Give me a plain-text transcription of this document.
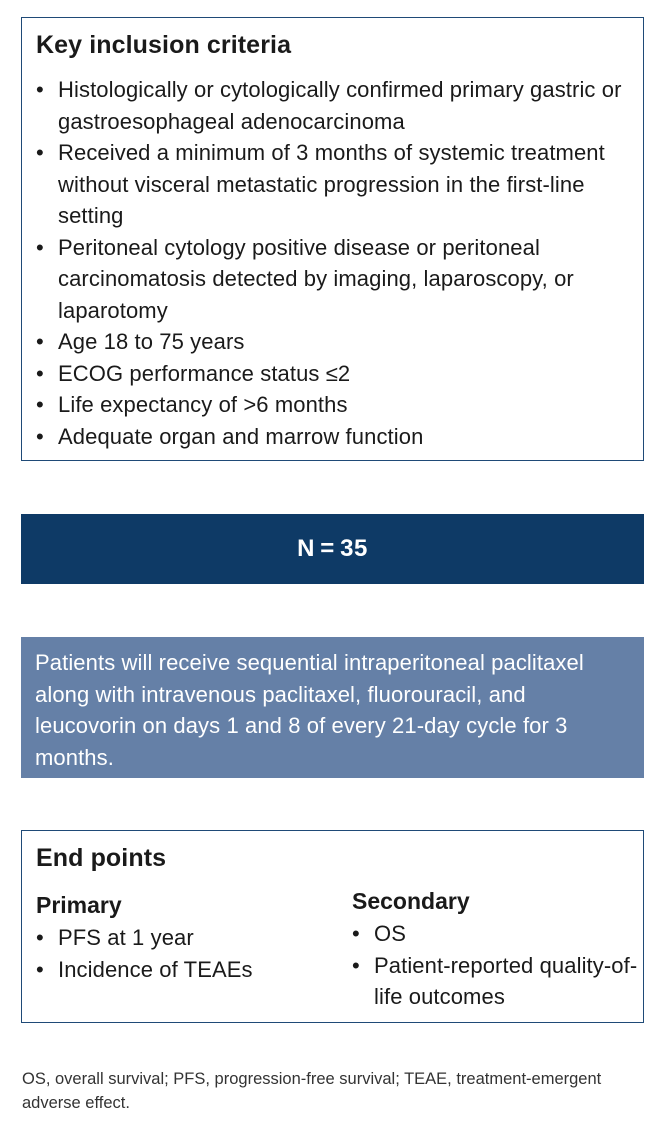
Key inclusion criteria
• Histologically or cytologically confirmed primary gastric or gastroesophageal adenocarcinoma
• Received a minimum of 3 months of systemic treatment without visceral metastatic progression in the first-line setting
• Peritoneal cytology positive disease or peritoneal carcinomatosis detected by imaging, laparoscopy, or laparotomy
• Age 18 to 75 years
• ECOG performance status ≤2
• Life expectancy of >6 months
• Adequate organ and marrow function
N = 35
Patients will receive sequential intraperitoneal paclitaxel along with intravenous paclitaxel, fluorouracil, and leucovorin on days 1 and 8 of every 21-day cycle for 3 months.
End points
Primary
• PFS at 1 year
• Incidence of TEAEs
Secondary
• OS
• Patient-reported quality-of-life outcomes
OS, overall survival; PFS, progression-free survival; TEAE, treatment-emergent adverse effect.
